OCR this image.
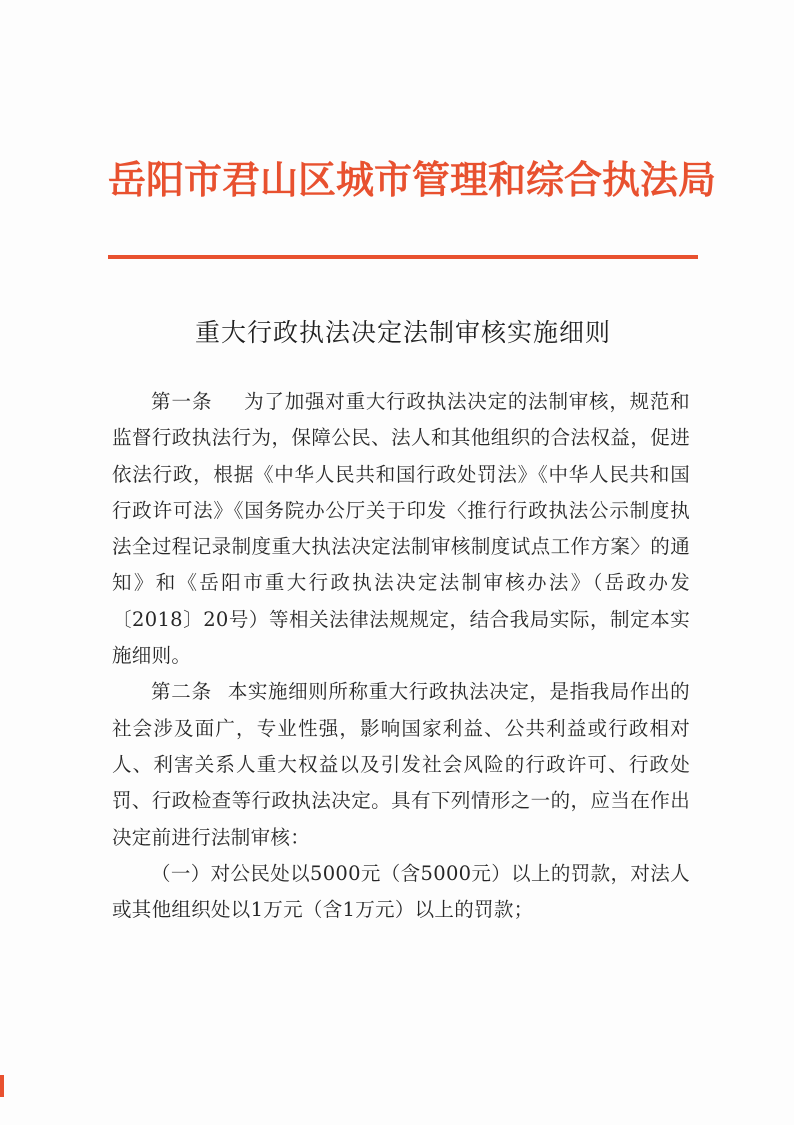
岳阳市君山区城市管理和综合执法局
重大行政执法决定法制审核实施细则

第一条 为了加强对重大行政执法决定的法制审核，规范和监督行政执法行为，保障公民、法人和其他组织的合法权益，促进依法行政，根据《中华人民共和国行政处罚法》《中华人民共和国行政许可法》《国务院办公厅关于印发〈推行行政执法公示制度执法全过程记录制度重大执法决定法制审核制度试点工作方案〉的通知》和《岳阳市重大行政执法决定法制审核办法》（岳政办发〔2018〕20号）等相关法律法规规定，结合我局实际，制定本实施细则。

第二条 本实施细则所称重大行政执法决定，是指我局作出的社会涉及面广，专业性强，影响国家利益、公共利益或行政相对人、利害关系人重大权益以及引发社会风险的行政许可、行政处罚、行政检查等行政执法决定。具有下列情形之一的，应当在作出决定前进行法制审核：

（一）对公民处以5000元（含5000元）以上的罚款，对法人或其他组织处以1万元（含1万元）以上的罚款；
